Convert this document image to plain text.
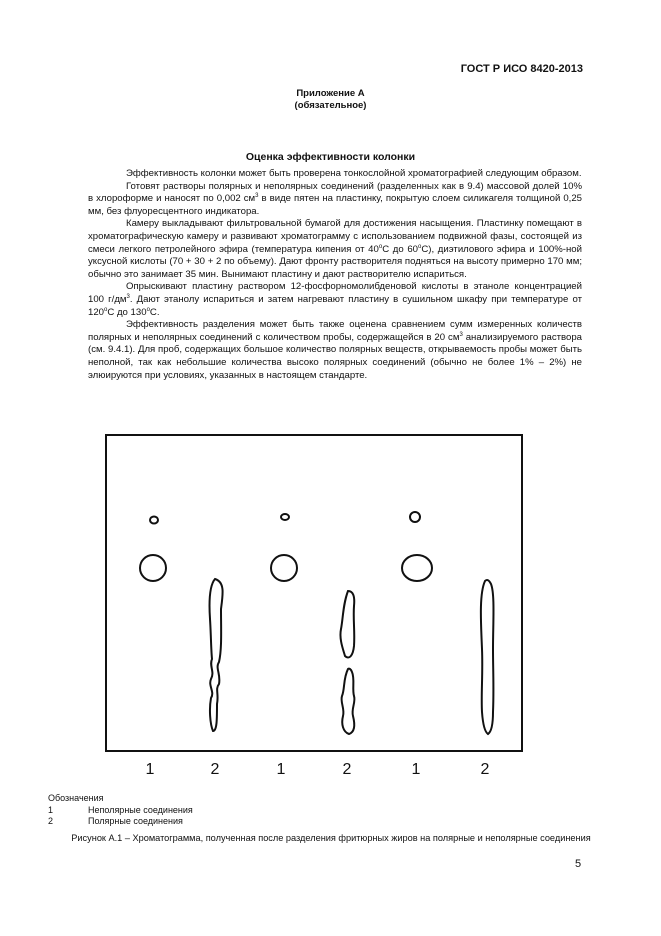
ГОСТ Р ИСО 8420-2013
Приложение А
(обязательное)
Оценка эффективности колонки

Эффективность колонки может быть проверена тонкослойной хроматографией следующим образом.

Готовят растворы полярных и неполярных соединений (разделенных как в 9.4) массовой долей 10% в хлороформе и наносят по 0,002 $см^3$ в виде пятен на пластинку, покрытую слоем силикагеля толщиной 0,25 мм, без флуоресцентного индикатора.

Камеру выкладывают фильтровальной бумагой для достижения насыщения. Пластинку помещают в хроматографическую камеру и развивают хроматограмму с использованием подвижной фазы, состоящей из смеси легкого петролейного эфира (температура кипения от $40^оС$ до $60^оС$), диэтилового эфира и 100%-ной уксусной кислоты (70 + 30 + 2 по объему). Дают фронту растворителя подняться на высоту примерно 170 мм; обычно это занимает 35 мин. Вынимают пластину и дают растворителю испариться.

Опрыскивают пластину раствором 12-фосфорномолибденовой кислоты в этаноле концентрацией 100 $г/дм^3$. Дают этанолу испариться и затем нагревают пластину в сушильном шкафу при температуре от $120^оС$ до $130^оС$.

Эффективность разделения может быть также оценена сравнением сумм измеренных количеств полярных и неполярных соединений с количеством пробы, содержащейся в 20 $см^3$ анализируемого раствора (см. 9.4.1). Для проб, содержащих большое количество полярных веществ, открываемость пробы может быть неполной, так как небольшие количества высоко полярных соединений (обычно не более 1% – 2%) не элюируются при условиях, указанных в настоящем стандарте.

1	2	1	2	1	2
Обозначения
1	Неполярные соединения
2	Полярные соединения
Рисунок А.1 – Хроматограмма, полученная после разделения фритюрных жиров на полярные и неполярные соединения
5
